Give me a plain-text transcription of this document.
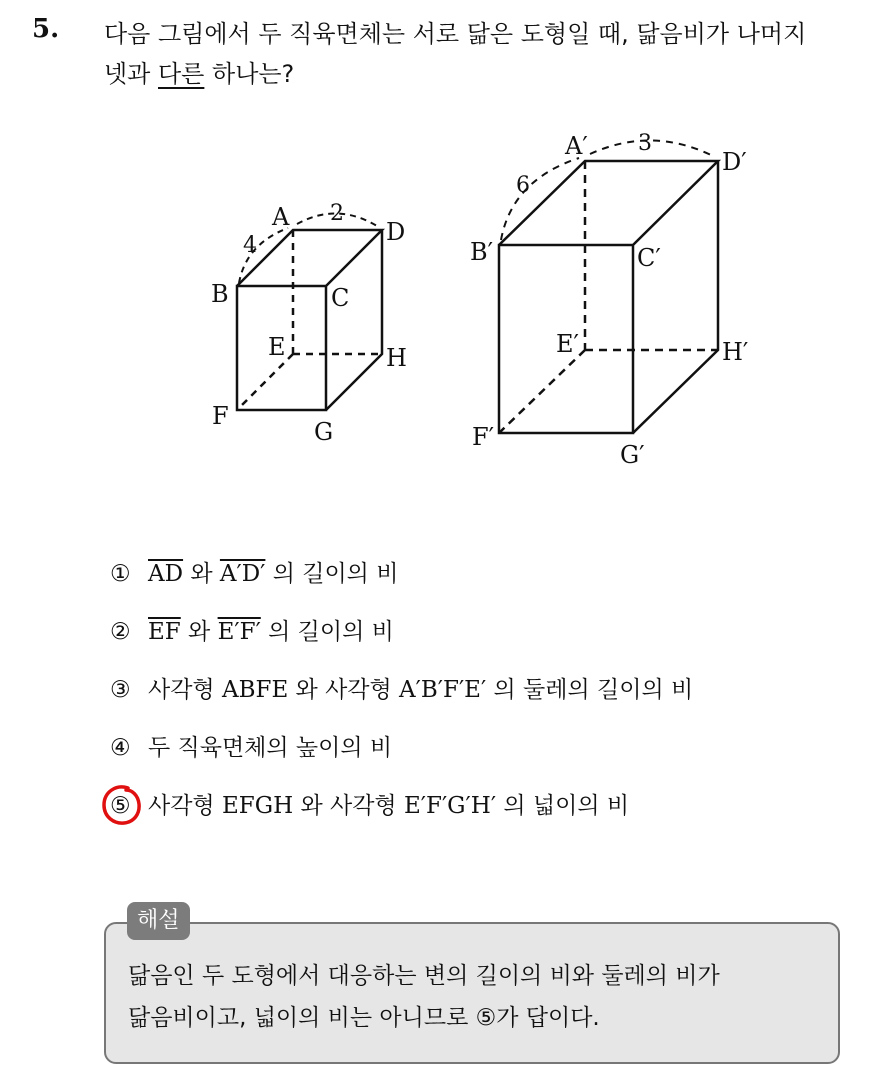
5. 다음 그림에서 두 직육면체는 서로 닮은 도형일 때, 닮음비가 나머지
넷과 다른 하나는?
A
D
B	C
E	H
F
G
4
2
A′
D′
B′	C′
E′	H′
F′
G′
6
3
① $\overline{AD}$ 와 A′D′ 의 길이의 비
② $\overline{EF}$ 와 E′F′ 의 길이의 비
③ 사각형 ABFE 와 사각형 A′B′F′E′ 의 둘레의 길이의 비
④ 두 직육면체의 높이의 비
⑤ 사각형 EFGH 와 사각형 E′F′G′H′ 의 넓이의 비
해설
닮음인 두 도형에서 대응하는 변의 길이의 비와 둘레의 비가
닮음비이고, 넓이의 비는 아니므로 ⑤가 답이다.
